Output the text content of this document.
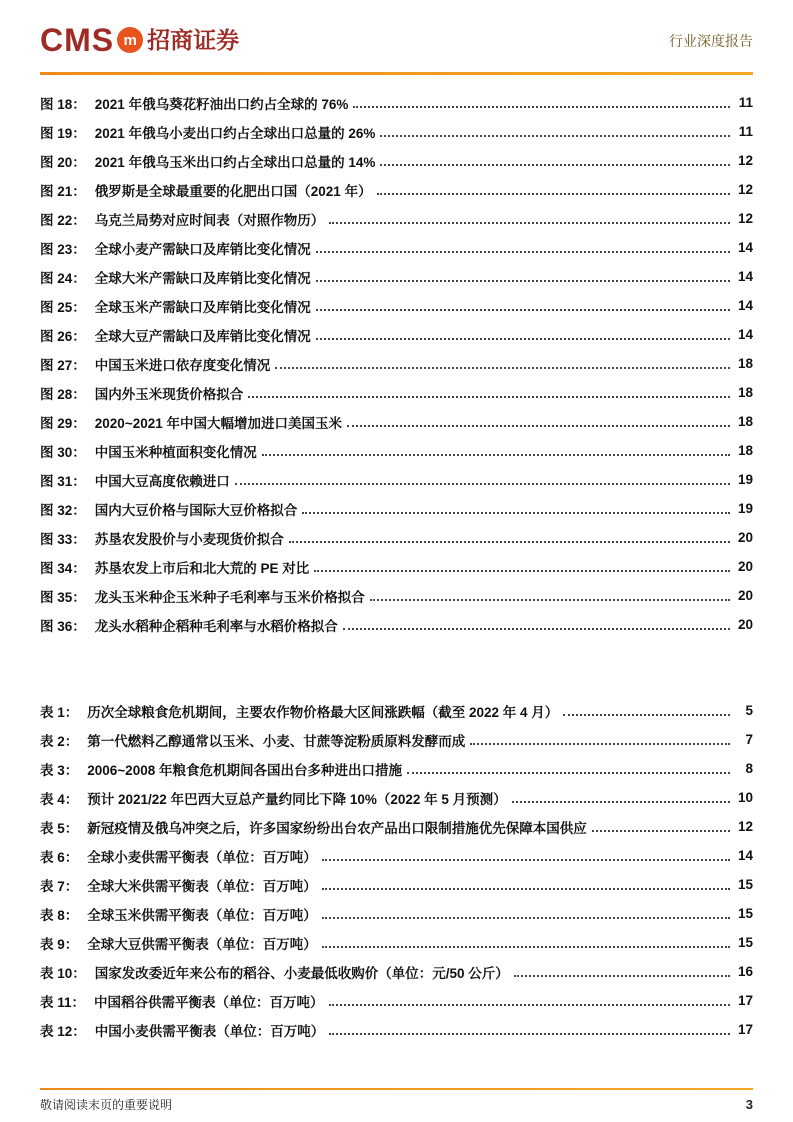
CMS m 招商证券	行业深度报告
图 18： 2021 年俄乌葵花籽油出口约占全球的 76%	11
图 19： 2021 年俄乌小麦出口约占全球出口总量的 26%	11
图 20： 2021 年俄乌玉米出口约占全球出口总量的 14%	12
图 21： 俄罗斯是全球最重要的化肥出口国（2021 年）	12
图 22： 乌克兰局势对应时间表（对照作物历）	12
图 23： 全球小麦产需缺口及库销比变化情况	14
图 24： 全球大米产需缺口及库销比变化情况	14
图 25： 全球玉米产需缺口及库销比变化情况	14
图 26： 全球大豆产需缺口及库销比变化情况	14
图 27： 中国玉米进口依存度变化情况	18
图 28： 国内外玉米现货价格拟合	18
图 29： 2020~2021 年中国大幅增加进口美国玉米	18
图 30： 中国玉米种植面积变化情况	18
图 31： 中国大豆高度依赖进口	19
图 32： 国内大豆价格与国际大豆价格拟合	19
图 33： 苏垦农发股价与小麦现货价拟合	20
图 34： 苏垦农发上市后和北大荒的 PE 对比	20
图 35： 龙头玉米种企玉米种子毛利率与玉米价格拟合	20
图 36： 龙头水稻种企稻种毛利率与水稻价格拟合	20
表 1： 历次全球粮食危机期间，主要农作物价格最大区间涨跌幅（截至 2022 年 4 月）	5
表 2： 第一代燃料乙醇通常以玉米、小麦、甘蔗等淀粉质原料发酵而成	7
表 3： 2006~2008 年粮食危机期间各国出台多种进出口措施	8
表 4： 预计 2021/22 年巴西大豆总产量约同比下降 10%（2022 年 5 月预测）	10
表 5： 新冠疫情及俄乌冲突之后，许多国家纷纷出台农产品出口限制措施优先保障本国供应	12
表 6： 全球小麦供需平衡表（单位：百万吨）	14
表 7： 全球大米供需平衡表（单位：百万吨）	15
表 8： 全球玉米供需平衡表（单位：百万吨）	15
表 9： 全球大豆供需平衡表（单位：百万吨）	15
表 10： 国家发改委近年来公布的稻谷、小麦最低收购价（单位：元/50 公斤）	16
表 11： 中国稻谷供需平衡表（单位：百万吨）	17
表 12： 中国小麦供需平衡表（单位：百万吨）	17
敬请阅读末页的重要说明	3
